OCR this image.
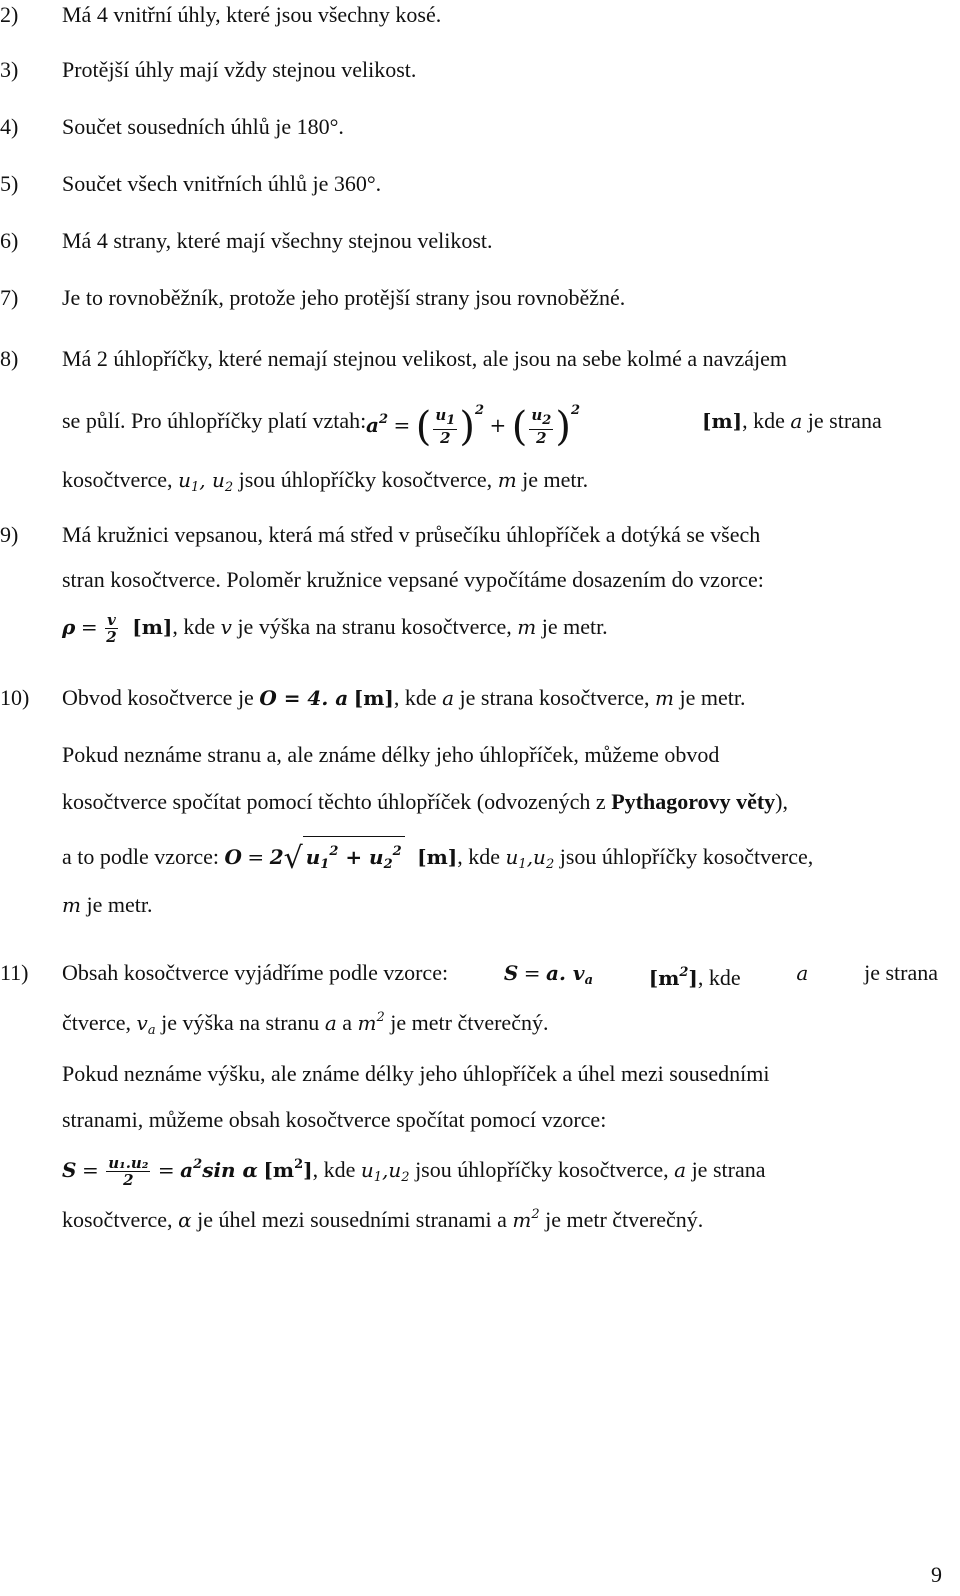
2) Má 4 vnitřní úhly, které jsou všechny kosé.
3) Protější úhly mají vždy stejnou velikost.
4) Součet sousedních úhlů je 180°.
5) Součet všech vnitřních úhlů je 360°.
6) Má 4 strany, které mají všechny stejnou velikost.
7) Je to rovnoběžník, protože jeho protější strany jsou rovnoběžné.
8) Má 2 úhlopříčky, které nemají stejnou velikost, ale jsou na sebe kolmé a navzájem
se půlí. Pro úhlopříčky platí vztah: $a^2$ = ( $\frac{u1}{2} )^2$ + ( $\frac{u2}{2} )^2$	[m], kde a je strana
kosočtverce, $u_1$, $u_2$ jsou úhlopříčky kosočtverce, m je metr.
9) Má kružnici vepsanou, která má střed v průsečíku úhlopříček a dotýká se všech
stran kosočtverce. Poloměr kružnice vepsané vypočítáme dosazením do vzorce:
$\rho = \frac{v}{2} [m]$, kde v je výška na stranu kosočtverce, m je metr.
10) Obvod kosočtverce je O = 4. a [m], kde a je strana kosočtverce, m je metr.
Pokud neznáme stranu a, ale známe délky jeho úhlopříček, můžeme obvod
kosočtverce spočítat pomocí těchto úhlopříček (odvozených z Pythagorovy věty),
a to podle vzorce: O = 2√ $u_1^2 + u_2^2$  [m], kde $u_1,u_2$ jsou úhlopříčky kosočtverce,
m je metr.
11) Obsah kosočtverce vyjádříme podle vzorce:	S = a. $v_a$	$[m^2]$, kde	a	je strana
čtverce, $v_a$ je výška na stranu a a $m^2$ je metr čtverečný.
Pokud neznáme výšku, ale známe délky jeho úhlopříček a úhel mezi sousedními
stranami, můžeme obsah kosočtverce spočítat pomocí vzorce:
$S = \frac{\text{u₁.u₂}}{2} = a^2\sin$ α $[m^2]$, kde $u_1,u_2$ jsou úhlopříčky kosočtverce, a je strana
kosočtverce, α je úhel mezi sousedními stranami a $m^2$ je metr čtverečný.
9
